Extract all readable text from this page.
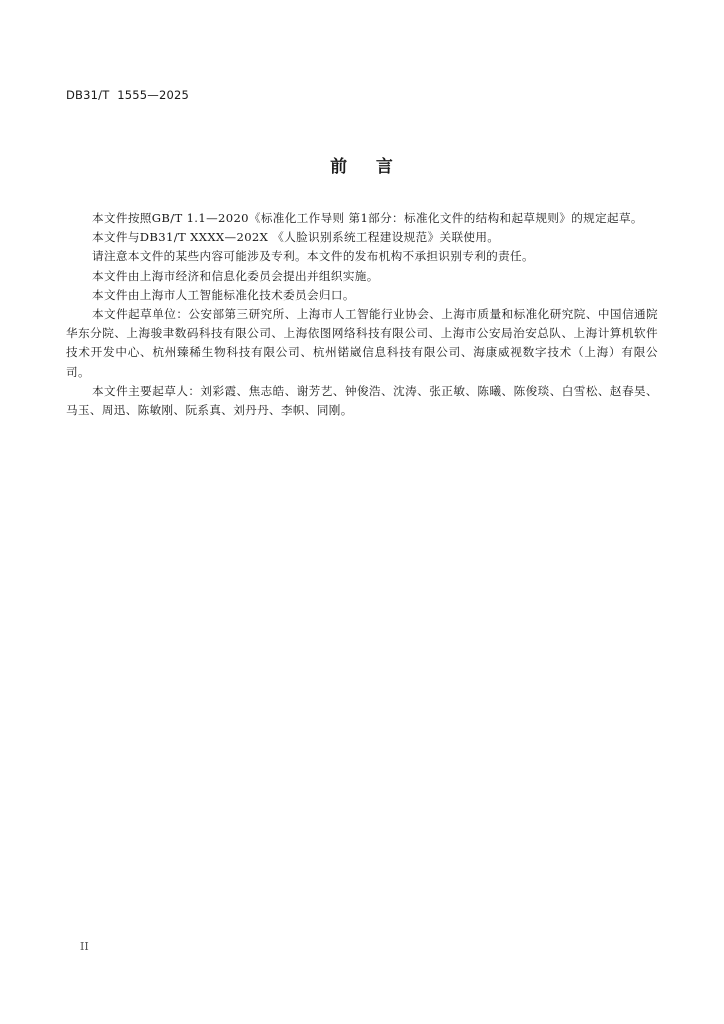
DB31/T  1555—2025
前    言

本文件按照GB/T 1.1—2020《标准化工作导则 第1部分：标准化文件的结构和起草规则》的规定起草。

本文件与DB31/T XXXX—202X 《人脸识别系统工程建设规范》关联使用。

请注意本文件的某些内容可能涉及专利。本文件的发布机构不承担识别专利的责任。

本文件由上海市经济和信息化委员会提出并组织实施。

本文件由上海市人工智能标准化技术委员会归口。

本文件起草单位：公安部第三研究所、上海市人工智能行业协会、上海市质量和标准化研究院、中国信通院华东分院、上海骏聿数码科技有限公司、上海依图网络科技有限公司、上海市公安局治安总队、上海计算机软件技术开发中心、杭州臻稀生物科技有限公司、杭州锘崴信息科技有限公司、海康威视数字技术（上海）有限公司。

本文件主要起草人：刘彩霞、焦志皓、谢芳艺、钟俊浩、沈涛、张正敏、陈曦、陈俊琰、白雪松、赵春昊、马玉、周迅、陈敏刚、阮系真、刘丹丹、李帜、同刚。

II
